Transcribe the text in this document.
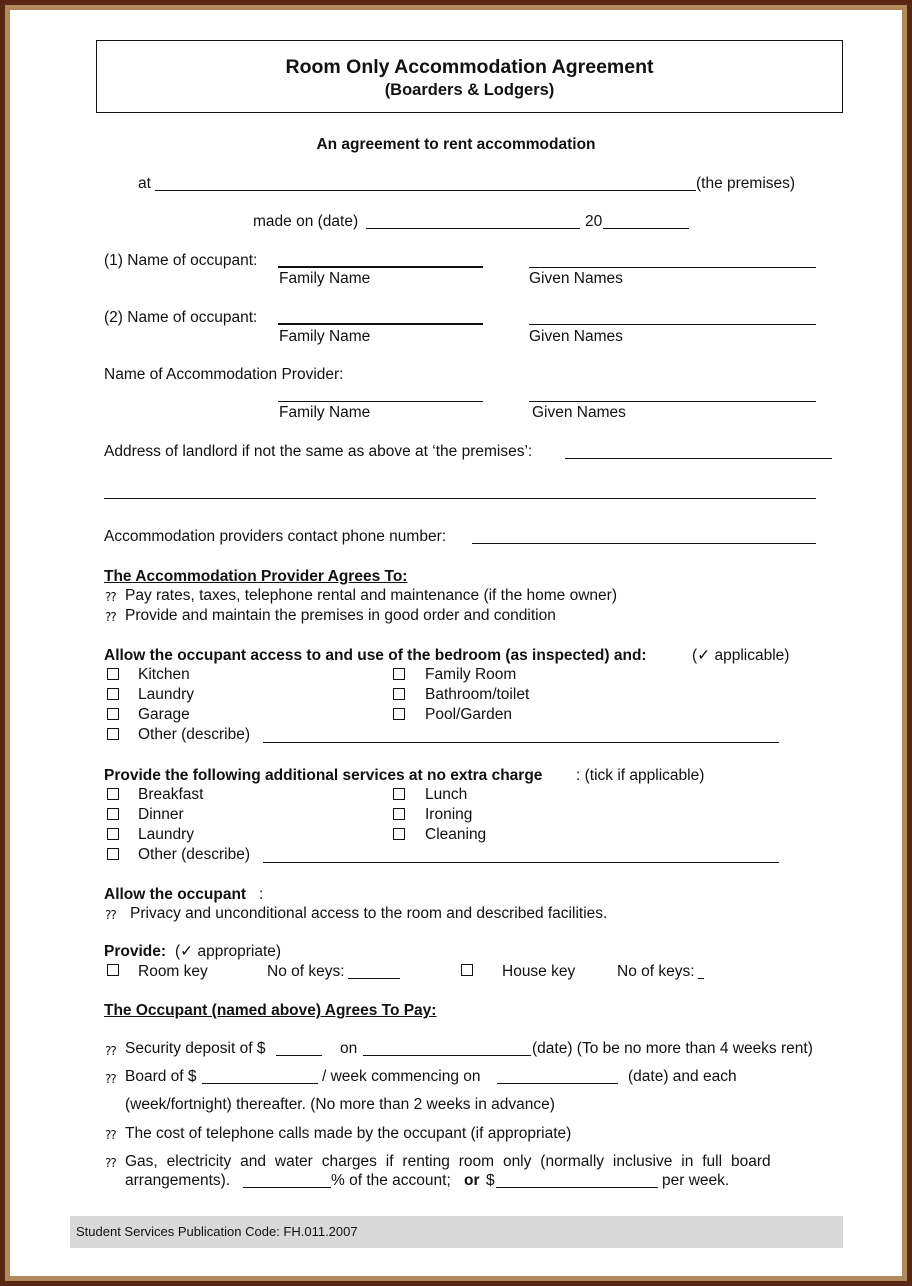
Room Only Accommodation Agreement
(Boarders & Lodgers)
An agreement to rent accommodation
at	(the premises)
made on (date)	20
(1) Name of occupant:
Family Name	Given Names
(2) Name of occupant:
Family Name	Given Names
Name of Accommodation Provider:
Family Name	Given Names
Address of landlord if not the same as above at ‘the premises’:
Accommodation providers contact phone number:
The Accommodation Provider Agrees To:
?? Pay rates, taxes, telephone rental and maintenance (if the home owner)
?? Provide and maintain the premises in good order and condition
Allow the occupant access to and use of the bedroom (as inspected) and:	(✓ applicable)
Kitchen	Family Room
Laundry	Bathroom/toilet
Garage	Pool/Garden
Other (describe)
Provide the following additional services at no extra charge : (tick if applicable)
Breakfast	Lunch
Dinner	Ironing
Laundry	Cleaning
Other (describe)
Allow the occupant :
?? Privacy and unconditional access to the room and described facilities.
Provide: (✓ appropriate)
Room key	No of keys:	House key	No of keys:
The Occupant (named above) Agrees To Pay:
?? Security deposit of $	on	(date) (To be no more than 4 weeks rent)
?? Board of $	/ week commencing on	(date) and each
(week/fortnight) thereafter. (No more than 2 weeks in advance)
?? The cost of telephone calls made by the occupant (if appropriate)
?? Gas, electricity and water charges if renting room only (normally inclusive in full board
arrangements).	% of the account; or $	per week.
Student Services Publication Code: FH.011.2007
